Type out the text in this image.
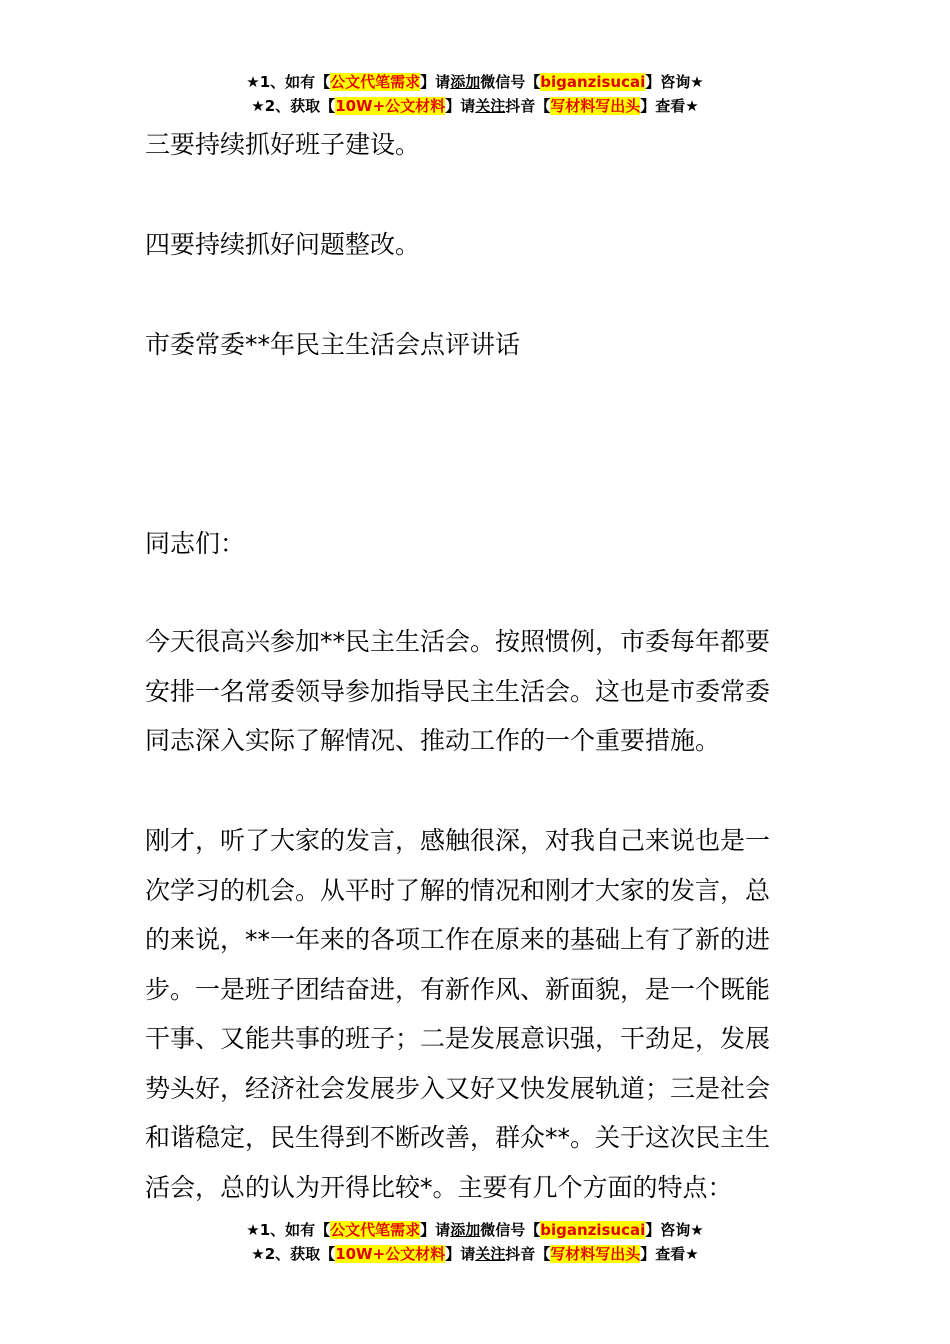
★1、如有【公文代笔需求】请添加微信号【biganzisucai】咨询★
★2、获取【10W+公文材料】请关注抖音【写材料写出头】查看★

三要持续抓好班子建设。

四要持续抓好问题整改。

市委常委**年民主生活会点评讲话

同志们：

今天很高兴参加**民主生活会。按照惯例，市委每年都要
安排一名常委领导参加指导民主生活会。这也是市委常委
同志深入实际了解情况、推动工作的一个重要措施。
刚才，听了大家的发言，感触很深，对我自己来说也是一
次学习的机会。从平时了解的情况和刚才大家的发言，总
的来说，**一年来的各项工作在原来的基础上有了新的进
步。一是班子团结奋进，有新作风、新面貌，是一个既能
干事、又能共事的班子；二是发展意识强，干劲足，发展
势头好，经济社会发展步入又好又快发展轨道；三是社会
和谐稳定，民生得到不断改善，群众**。关于这次民主生
活会，总的认为开得比较*。主要有几个方面的特点：
★1、如有【公文代笔需求】请添加微信号【biganzisucai】咨询★
★2、获取【10W+公文材料】请关注抖音【写材料写出头】查看★
